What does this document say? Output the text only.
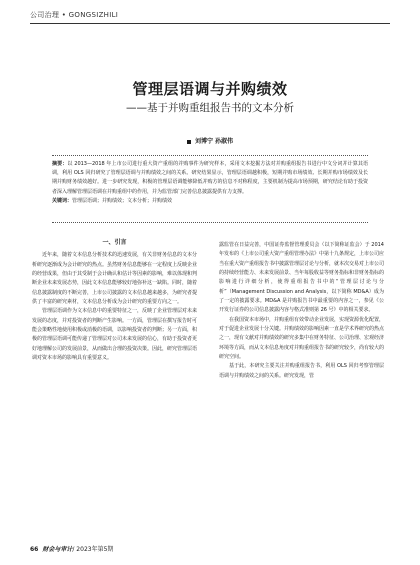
公司治理 • GONGSIZHILI
管理层语调与并购绩效
——基于并购重组报告书的文本分析
刘博宁 孙淑伟

摘要：以 2013—2018 年上市公司进行重大资产重组的并购事件为研究样本，采用文本挖掘方法对并购重组报告书进行中文分词并计算其语调，利用 OLS 回归研究了管理层语调与并购绩效之间的关系。研究结果显示，管理层语调越积极，短期并购市场绩效、长期并购市场绩效及长期并购财务绩效越好。进一步研究发现，积极的管理层语调能够降低并购方的信息不对称程度，主要机制为提高市场预期，研究结论有助于投资者深入理解管理层语调在并购重组中的作用，并为监管部门完善信息披露提供有力支撑。

关键词：管理层语调；并购绩效；文本分析；并购绩效

一、引言

近年来，随着文本信息分析技术的迅速发展，有关非财务信息的文本分析研究逐渐成为会计研究的热点。虽然财务信息能够在一定程度上反映企业的经营成果，但由于其受制于会计确认和估计等因素的影响，难以体现和判断企业未来发展态势，因此文本信息能够较好地弥补这一缺陷。同时，随着信息披露制度的不断完善，上市公司披露的文本信息越来越多，为研究者提供了丰富的研究素材，文本信息分析成为会计研究的重要方向之一。

管理层语调作为文本信息中的重要特征之一，反映了企业管理层对未来发展的态度，并对投资者的判断产生影响。一方面，管理层在撰写报告时可能会策略性地使用积极或消极的语调，以影响投资者的判断；另一方面，积极的管理层语调可能传递了管理层对公司未来发展的信心，有助于投资者更好地理解公司的发展前景，从而做出合理的投资决策。因此，研究管理层语调对资本市场的影响具有重要意义。

露监管在日益完善，中国证券监督管理委员会（以下简称证监会）于 2014 年发布的《上市公司重大资产重组管理办法》中第十九条规定，上市公司应当在重大资产重组报告书中披露管理层讨论与分析，就本次交易对上市公司的持续经营能力、未来发展前景、当年每股收益等财务指标和非财务指标的影响进行详细分析，使得重组报告书中的“管理层讨论与分析”（Management Discussion and Analysis，以下简称 MD&A）成为了一定的披露要求。MD&A 是并购报告书中最重要的内容之一，参见《公开发行证券的公司信息披露内容与格式准则第 26 号》中的相关要求。

在我国资本市场中，并购重组有效带动企业发展，实现资源优化配置，对于促进企业发展十分关键。并购绩效的影响因素一直是学术界研究的热点之一，现有文献对并购绩效的研究多集中在财务特征、公司治理、宏观经济环境等方面，而从文本信息角度对并购重组报告书的研究较少，尚有较大的研究空间。

基于此，本研究主要关注并购重组报告书，利用 OLS 回归考察管理层语调与并购绩效之间的关系。研究发现，管

66 财会与审计/ 2023年第5期
